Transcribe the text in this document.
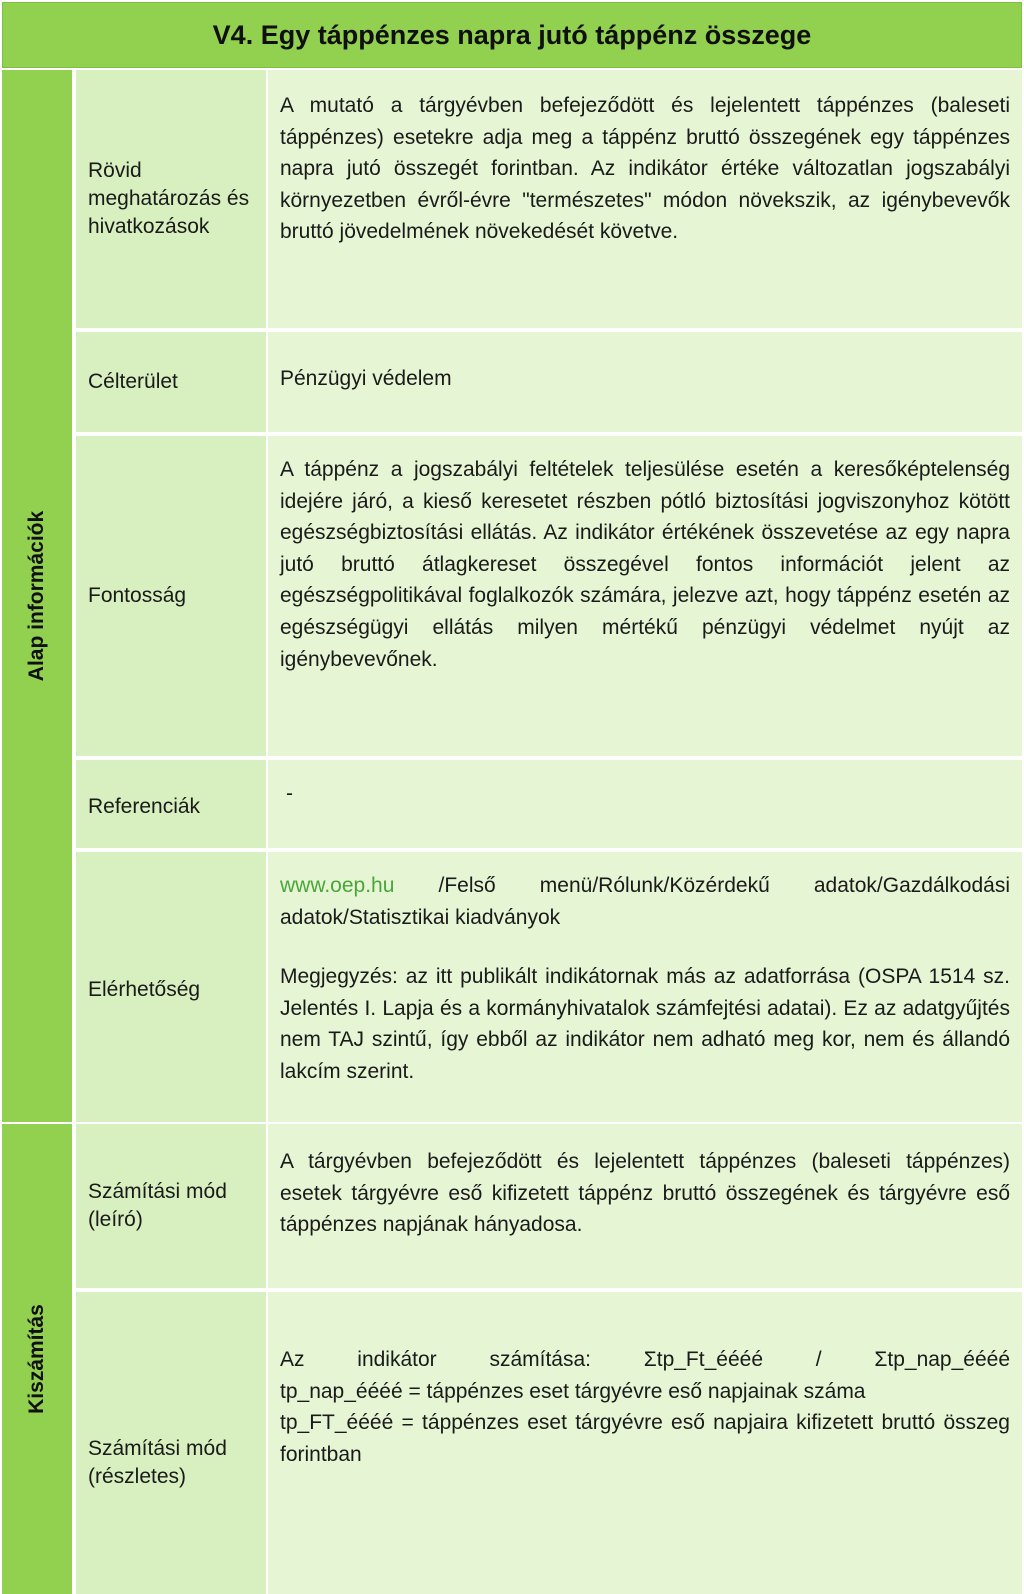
V4. Egy táppénzes napra jutó táppénz összege
Alap információk
Kiszámítás
Rövid meghatározás és hivatkozások

A mutató a tárgyévben befejeződött és lejelentett táppénzes (baleseti táppénzes) esetekre adja meg a táppénz bruttó összegének egy táppénzes napra jutó összegét forintban. Az indikátor értéke változatlan jogszabályi környezetben évről-évre "természetes" módon növekszik, az igénybevevők bruttó jövedelmének növekedését követve.

Célterület	Pénzügyi védelem

Fontosság

A táppénz a jogszabályi feltételek teljesülése esetén a keresőképtelenség idejére járó, a kieső keresetet részben pótló biztosítási jogviszonyhoz kötött egészségbiztosítási ellátás. Az indikátor értékének összevetése az egy napra jutó bruttó átlagkereset összegével fontos információt jelent az egészségpolitikával foglalkozók számára, jelezve azt, hogy táppénz esetén az egészségügyi ellátás milyen mértékű pénzügyi védelmet nyújt az igénybevevőnek.

Referenciák

-

Elérhetőség

www.oep.hu /Felső menü/Rólunk/Közérdekű adatok/Gazdálkodási adatok/Statisztikai kiadványok

Megjegyzés: az itt publikált indikátornak más az adatforrása (OSPA 1514 sz. Jelentés I. Lapja és a kormányhivatalok számfejtési adatai). Ez az adatgyűjtés nem TAJ szintű, így ebből az indikátor nem adható meg kor, nem és állandó lakcím szerint.

Számítási mód (leíró)

A tárgyévben befejeződött és lejelentett táppénzes (baleseti táppénzes) esetek tárgyévre eső kifizetett táppénz bruttó összegének és tárgyévre eső táppénzes napjának hányadosa.

Számítási mód (részletes)

Az indikátor számítása: Σtp_Ft_éééé / Σtp_nap_éééé

tp_nap_éééé = táppénzes eset tárgyévre eső napjainak száma

tp_FT_éééé = táppénzes eset tárgyévre eső napjaira kifizetett bruttó összeg forintban
